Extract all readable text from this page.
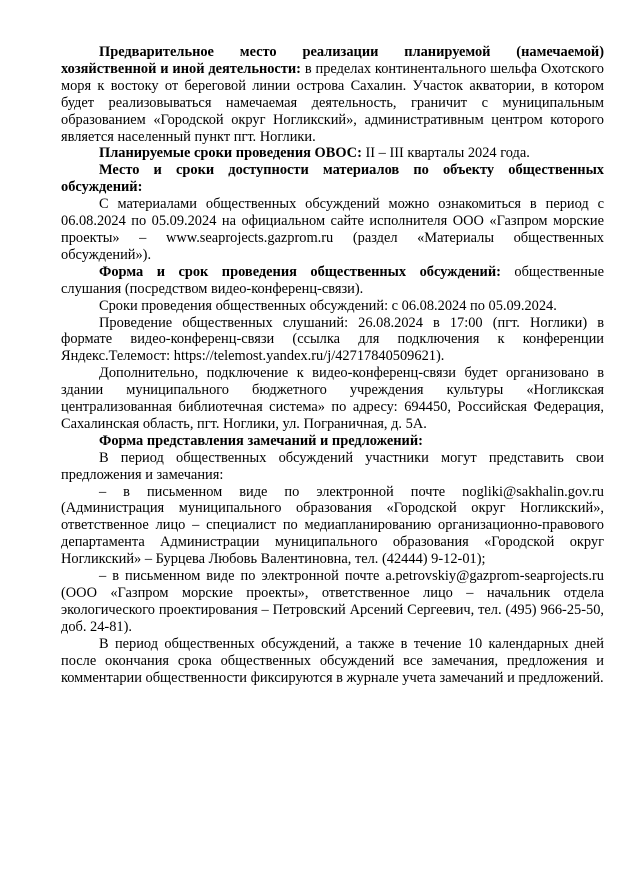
Предварительное место реализации планируемой (намечаемой) хозяйственной и иной деятельности: в пределах континентального шельфа Охотского моря к востоку от береговой линии острова Сахалин. Участок акватории, в котором будет реализовываться намечаемая деятельность, граничит с муниципальным образованием «Городской округ Ногликский», административным центром которого является населенный пункт пгт. Ноглики.

Планируемые сроки проведения ОВОС: II – III кварталы 2024 года.

Место и сроки доступности материалов по объекту общественных обсуждений:

С материалами общественных обсуждений можно ознакомиться в период с 06.08.2024 по 05.09.2024 на официальном сайте исполнителя ООО «Газпром морские проекты» – www.seaprojects.gazprom.ru (раздел «Материалы общественных обсуждений»).

Форма и срок проведения общественных обсуждений: общественные слушания (посредством видео-конференц-связи).

Сроки проведения общественных обсуждений: с 06.08.2024 по 05.09.2024.

Проведение общественных слушаний: 26.08.2024 в 17:00 (пгт. Ноглики) в формате видео-конференц-связи (ссылка для подключения к конференции Яндекс.Телемост: https://telemost.yandex.ru/j/42717840509621).

Дополнительно, подключение к видео-конференц-связи будет организовано в здании муниципального бюджетного учреждения культуры «Ногликская централизованная библиотечная система» по адресу: 694450, Российская Федерация, Сахалинская область, пгт. Ноглики, ул. Пограничная, д. 5А.

Форма представления замечаний и предложений:

В период общественных обсуждений участники могут представить свои предложения и замечания:

– в письменном виде по электронной почте nogliki@sakhalin.gov.ru (Администрация муниципального образования «Городской округ Ногликский», ответственное лицо – специалист по медиапланированию организационно-правового департамента Администрации муниципального образования «Городской округ Ногликский» – Бурцева Любовь Валентиновна, тел. (42444) 9-12-01);

– в письменном виде по электронной почте a.petrovskiy@gazprom-seaprojects.ru (ООО «Газпром морские проекты», ответственное лицо – начальник отдела экологического проектирования – Петровский Арсений Сергеевич, тел. (495) 966-25-50, доб. 24-81).

В период общественных обсуждений, а также в течение 10 календарных дней после окончания срока общественных обсуждений все замечания, предложения и комментарии общественности фиксируются в журнале учета замечаний и предложений.
